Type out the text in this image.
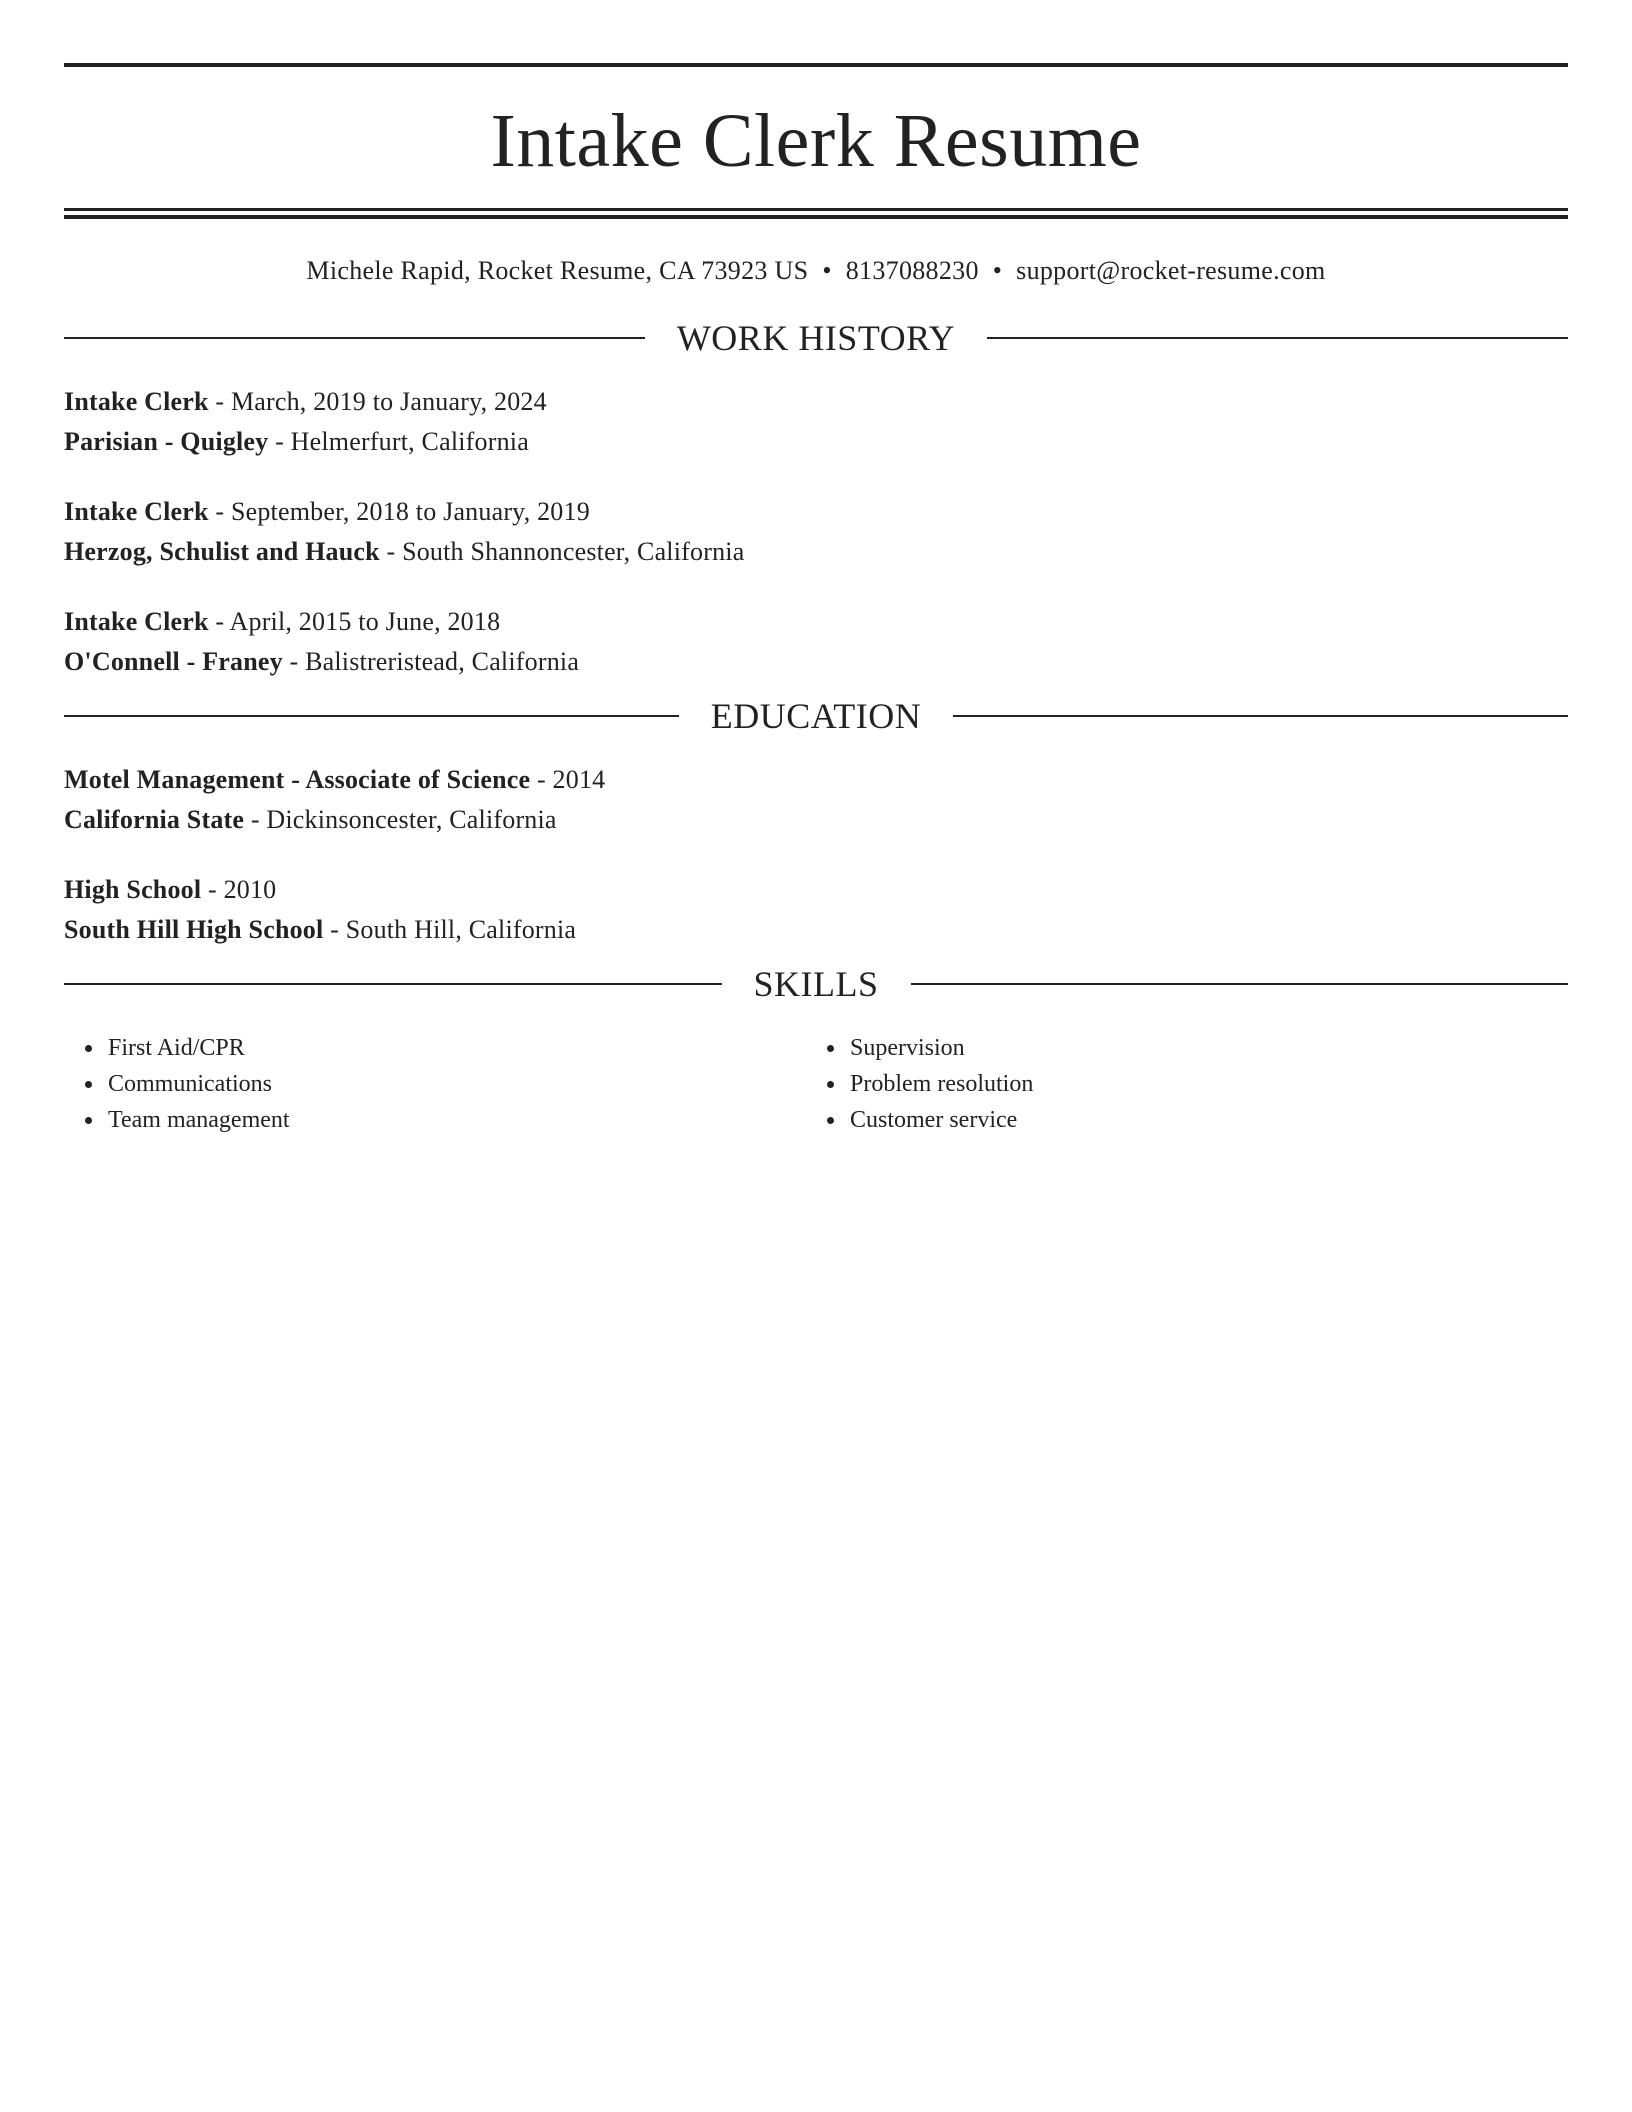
Intake Clerk Resume
Michele Rapid, Rocket Resume, CA 73923 US • 8137088230 • support@rocket-resume.com
WORK HISTORY
Intake Clerk - March, 2019 to January, 2024
Parisian - Quigley - Helmerfurt, California
Intake Clerk - September, 2018 to January, 2019
Herzog, Schulist and Hauck - South Shannoncester, California
Intake Clerk - April, 2015 to June, 2018
O'Connell - Franey - Balistreristead, California
EDUCATION
Motel Management - Associate of Science - 2014
California State - Dickinsoncester, California
High School - 2010
South Hill High School - South Hill, California
SKILLS
First Aid/CPR
Communications
Team management
Supervision
Problem resolution
Customer service
